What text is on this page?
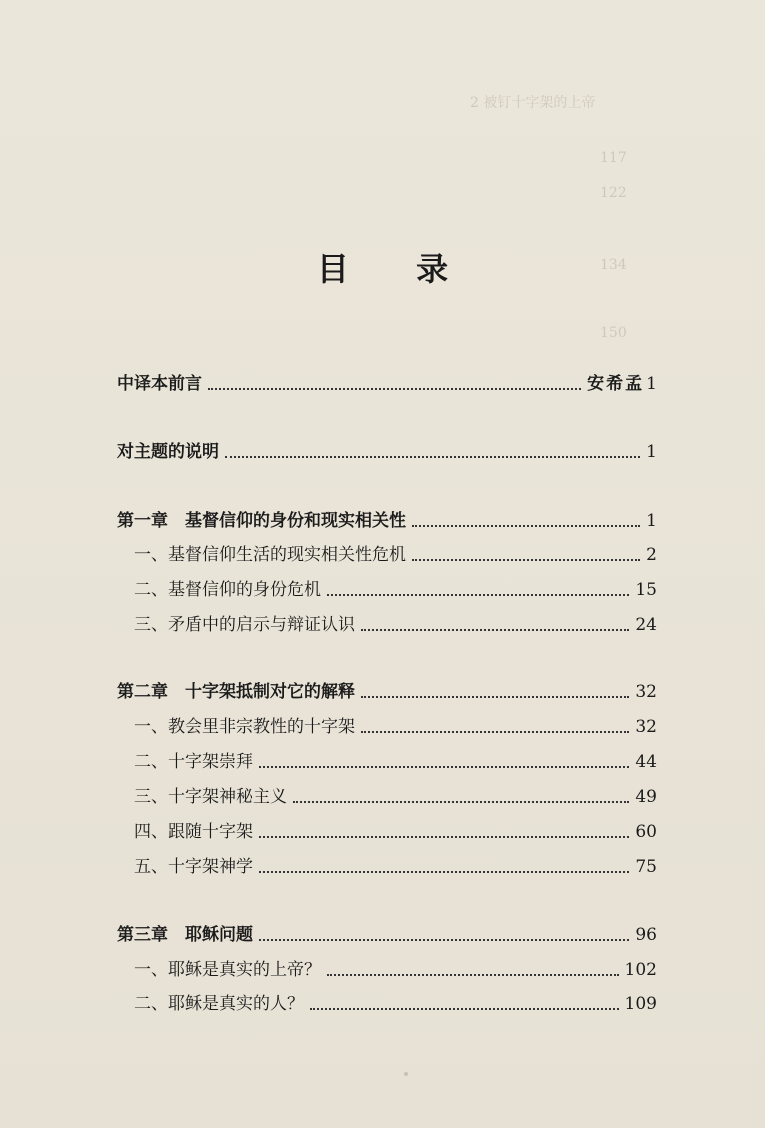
2 被钉十字架的上帝
117
122
134
150
目 录
中译本前言	安希孟 1
对主题的说明	1
第一章　基督信仰的身份和现实相关性	1
一、基督信仰生活的现实相关性危机	2
二、基督信仰的身份危机	15
三、矛盾中的启示与辩证认识	24
第二章　十字架抵制对它的解释	32
一、教会里非宗教性的十字架	32
二、十字架崇拜	44
三、十字架神秘主义	49
四、跟随十字架	60
五、十字架神学	75
第三章　耶稣问题	96
一、耶稣是真实的上帝？	102
二、耶稣是真实的人？	109
